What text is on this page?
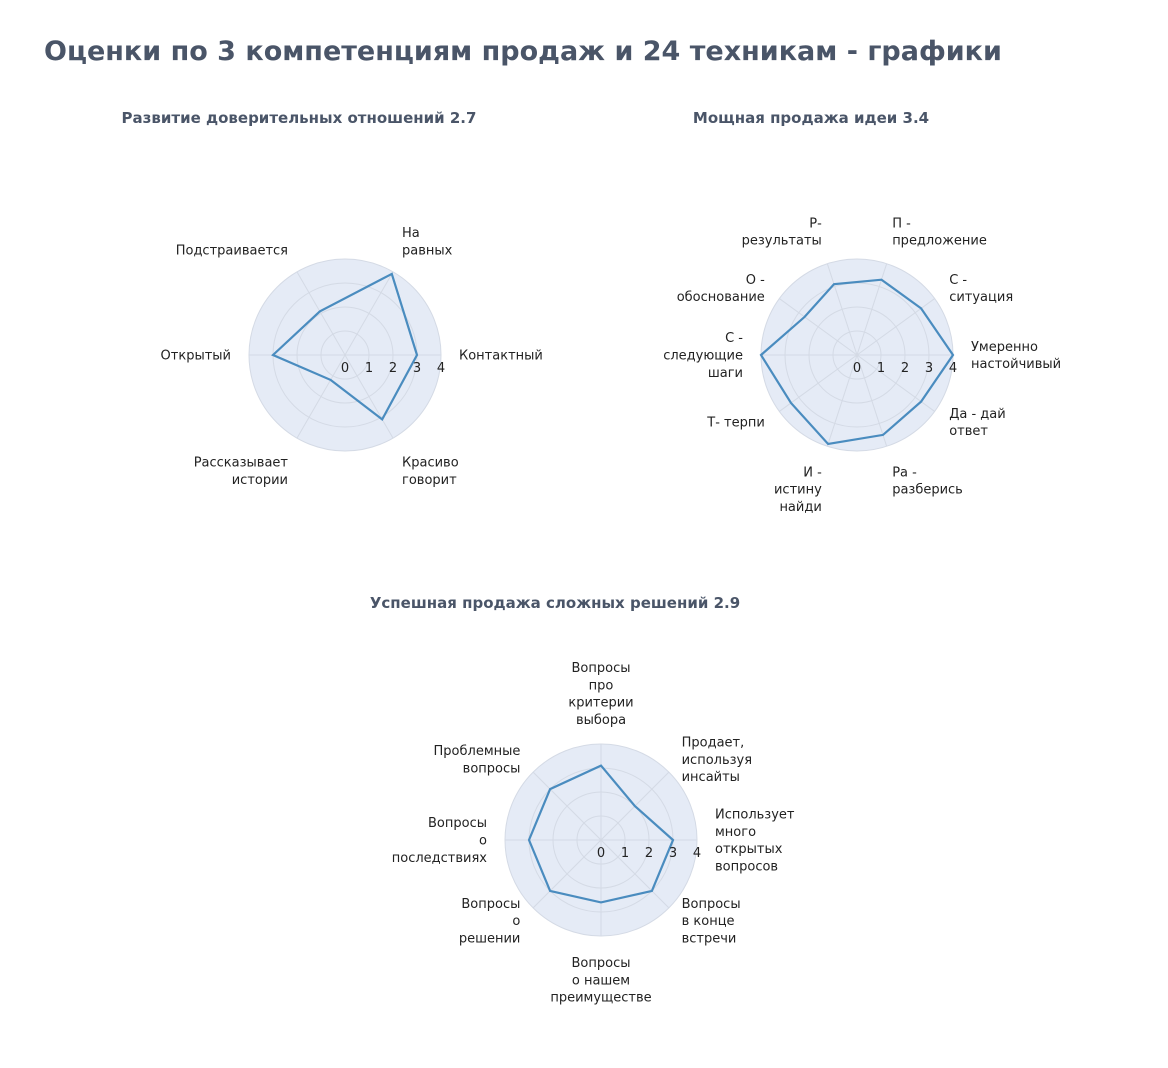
Оценки по 3 компетенциям продаж и 24 техникам - графики
Развитие доверительных отношений 2.7	Мощная продажа идеи 3.4
Успешная продажа сложных решений 2.9
0 1 2 3 4
Контактный
На равных
Подстраивается
Открытый
Рассказывает истории
Красиво говорит
0 1 2 3 4
Умеренно настойчивый
С -ситуация
П -предложение
Р-результаты
О -обоснование
С -следующие шаги
Т- терпи
И -истину найди
Ра -разберись
Да - дай ответ
0 1 2 3 4
Использует много открытых вопросов
Продает, используя инсайты
Вопросы про критерии выбора
Проблемные вопросы
Вопросы о последствиях
Вопросы о решении
Вопросы о нашем преимуществе
Вопросы в конце встречи
